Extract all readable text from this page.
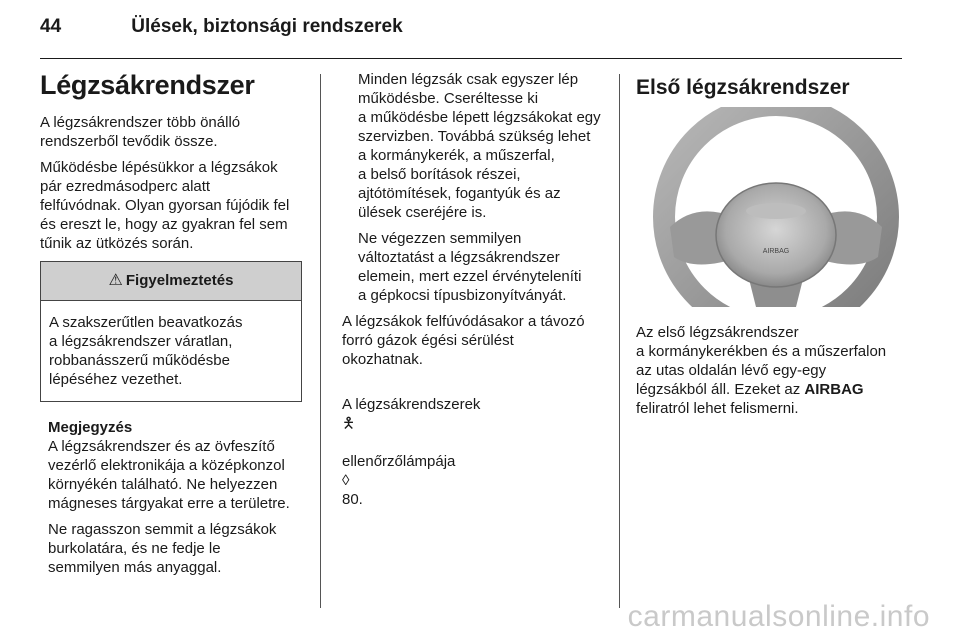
44	Ülések, biztonsági rendszerek
Légzsákrendszer

A légzsákrendszer több önálló
rendszerből tevődik össze.

Működésbe lépésükkor a légzsákok
pár ezredmásodperc alatt
felfúvódnak. Olyan gyorsan fújódik fel
és ereszt le, hogy az gyakran fel sem
tűnik az ütközés során.

⚠ Figyelmeztetés
A szakszerűtlen beavatkozás
a légzsákrendszer váratlan,
robbanásszerű működésbe
lépéséhez vezethet.
Megjegyzés

A légzsákrendszer és az övfeszítő
vezérlő elektronikája a középkonzol
környékén található. Ne helyezzen
mágneses tárgyakat erre a területre.

Ne ragasszon semmit a légzsákok
burkolatára, és ne fedje le
semmilyen más anyaggal.

Minden légzsák csak egyszer lép
működésbe. Cseréltesse ki
a működésbe lépett légzsákokat egy
szervizben. Továbbá szükség lehet
a kormánykerék, a műszerfal,
a belső borítások részei,
ajtótömítések, fogantyúk és az
ülések cseréjére is.

Ne végezzen semmilyen
változtatást a légzsákrendszer
elemein, mert ezzel érvényteleníti
a gépkocsi típusbizonyítványát.

A légzsákok felfúvódásakor a távozó
forró gázok égési sérülést
okozhatnak.

A légzsákrendszerek
🯅

ellenőrzőlámpája
◊
80.

Első légzsákrendszer
AIRBAG

Az első légzsákrendszer
a kormánykerékben és a műszerfalon
az utas oldalán lévő egy-egy
légzsákból áll. Ezeket az AIRBAG
feliratról lehet felismerni.

carmanualsonline.info
